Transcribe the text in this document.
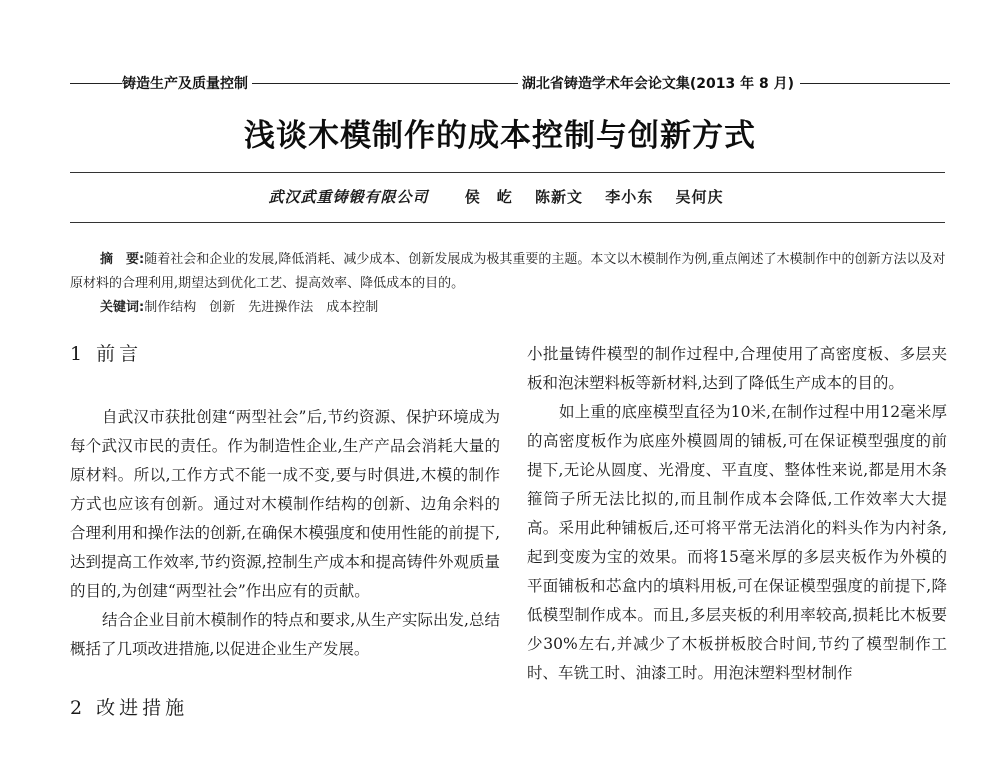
铸造生产及质量控制	湖北省铸造学术年会论文集(2013 年 8 月)
浅谈木模制作的成本控制与创新方式
武汉武重铸锻有限公司 侯　屹 陈新文 李小东 吴何庆
摘　要:随着社会和企业的发展,降低消耗、减少成本、创新发展成为极其重要的主题。本文以木模制作为例,重点阐述了木模制作中的创新方法以及对原材料的合理利用,期望达到优化工艺、提高效率、降低成本的目的。
关键词:制作结构　创新　先进操作法　成本控制
1 前言

自武汉市获批创建“两型社会”后,节约资源、保护环境成为每个武汉市民的责任。作为制造性企业,生产产品会消耗大量的原材料。所以,工作方式不能一成不变,要与时俱进,木模的制作方式也应该有创新。通过对木模制作结构的创新、边角余料的合理利用和操作法的创新,在确保木模强度和使用性能的前提下,达到提高工作效率,节约资源,控制生产成本和提高铸件外观质量的目的,为创建“两型社会”作出应有的贡献。

结合企业目前木模制作的特点和要求,从生产实际出发,总结概括了几项改进措施,以促进企业生产发展。

2 改进措施

小批量铸件模型的制作过程中,合理使用了高密度板、多层夹板和泡沫塑料板等新材料,达到了降低生产成本的目的。

如上重的底座模型直径为10米,在制作过程中用12毫米厚的高密度板作为底座外模圆周的铺板,可在保证模型强度的前提下,无论从圆度、光滑度、平直度、整体性来说,都是用木条箍筒子所无法比拟的,而且制作成本会降低,工作效率大大提高。采用此种铺板后,还可将平常无法消化的料头作为内衬条,起到变废为宝的效果。而将15毫米厚的多层夹板作为外模的平面铺板和芯盒内的填料用板,可在保证模型强度的前提下,降低模型制作成本。而且,多层夹板的利用率较高,损耗比木板要少30%左右,并减少了木板拼板胶合时间,节约了模型制作工时、车铣工时、油漆工时。用泡沫塑料型材制作
